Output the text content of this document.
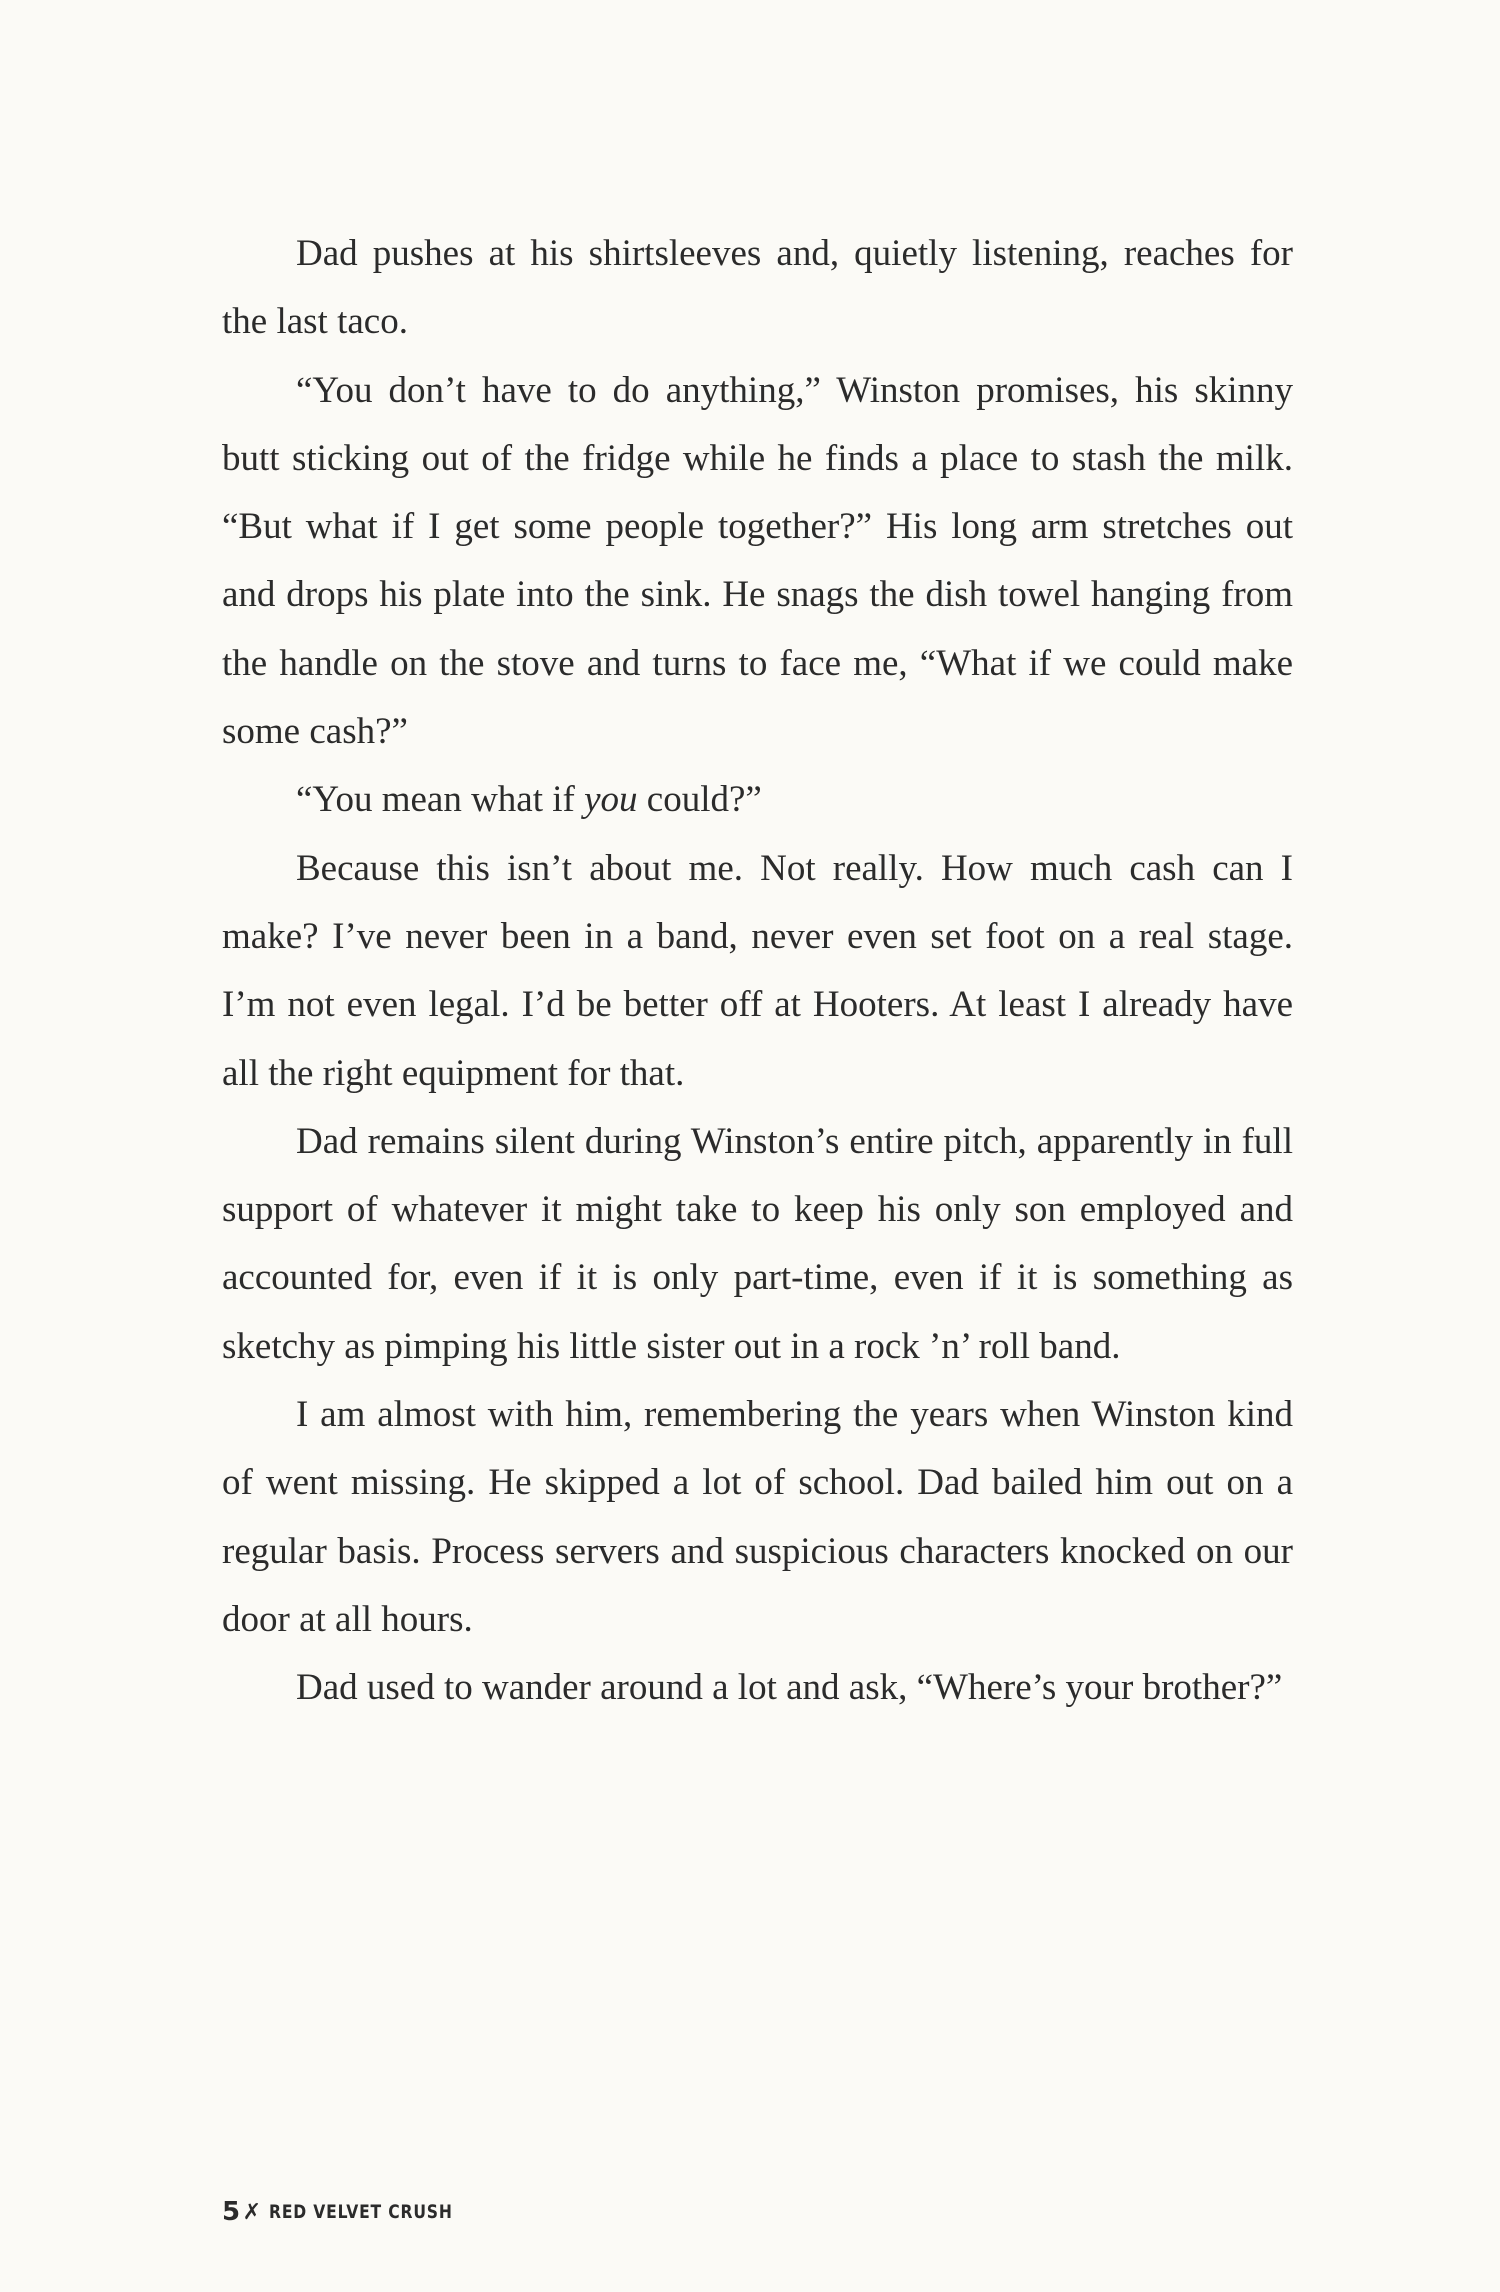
Dad pushes at his shirtsleeves and, quietly listening, reaches for the last taco.

“You don’t have to do anything,” Winston promises, his skinny butt sticking out of the fridge while he finds a place to stash the milk. “But what if I get some people together?” His long arm stretches out and drops his plate into the sink. He snags the dish towel hanging from the handle on the stove and turns to face me, “What if we could make some cash?”

“You mean what if you could?”

Because this isn’t about me. Not really. How much cash can I make? I’ve never been in a band, never even set foot on a real stage. I’m not even legal. I’d be better off at Hooters. At least I already have all the right equipment for that.

Dad remains silent during Winston’s entire pitch, apparently in full support of whatever it might take to keep his only son employed and accounted for, even if it is only part-time, even if it is something as sketchy as pimping his little sister out in a rock ’n’ roll band.

I am almost with him, remembering the years when Winston kind of went missing. He skipped a lot of school. Dad bailed him out on a regular basis. Process servers and suspicious characters knocked on our door at all hours.

Dad used to wander around a lot and ask, “Where’s your brother?”

5 ✗ RED VELVET CRUSH
